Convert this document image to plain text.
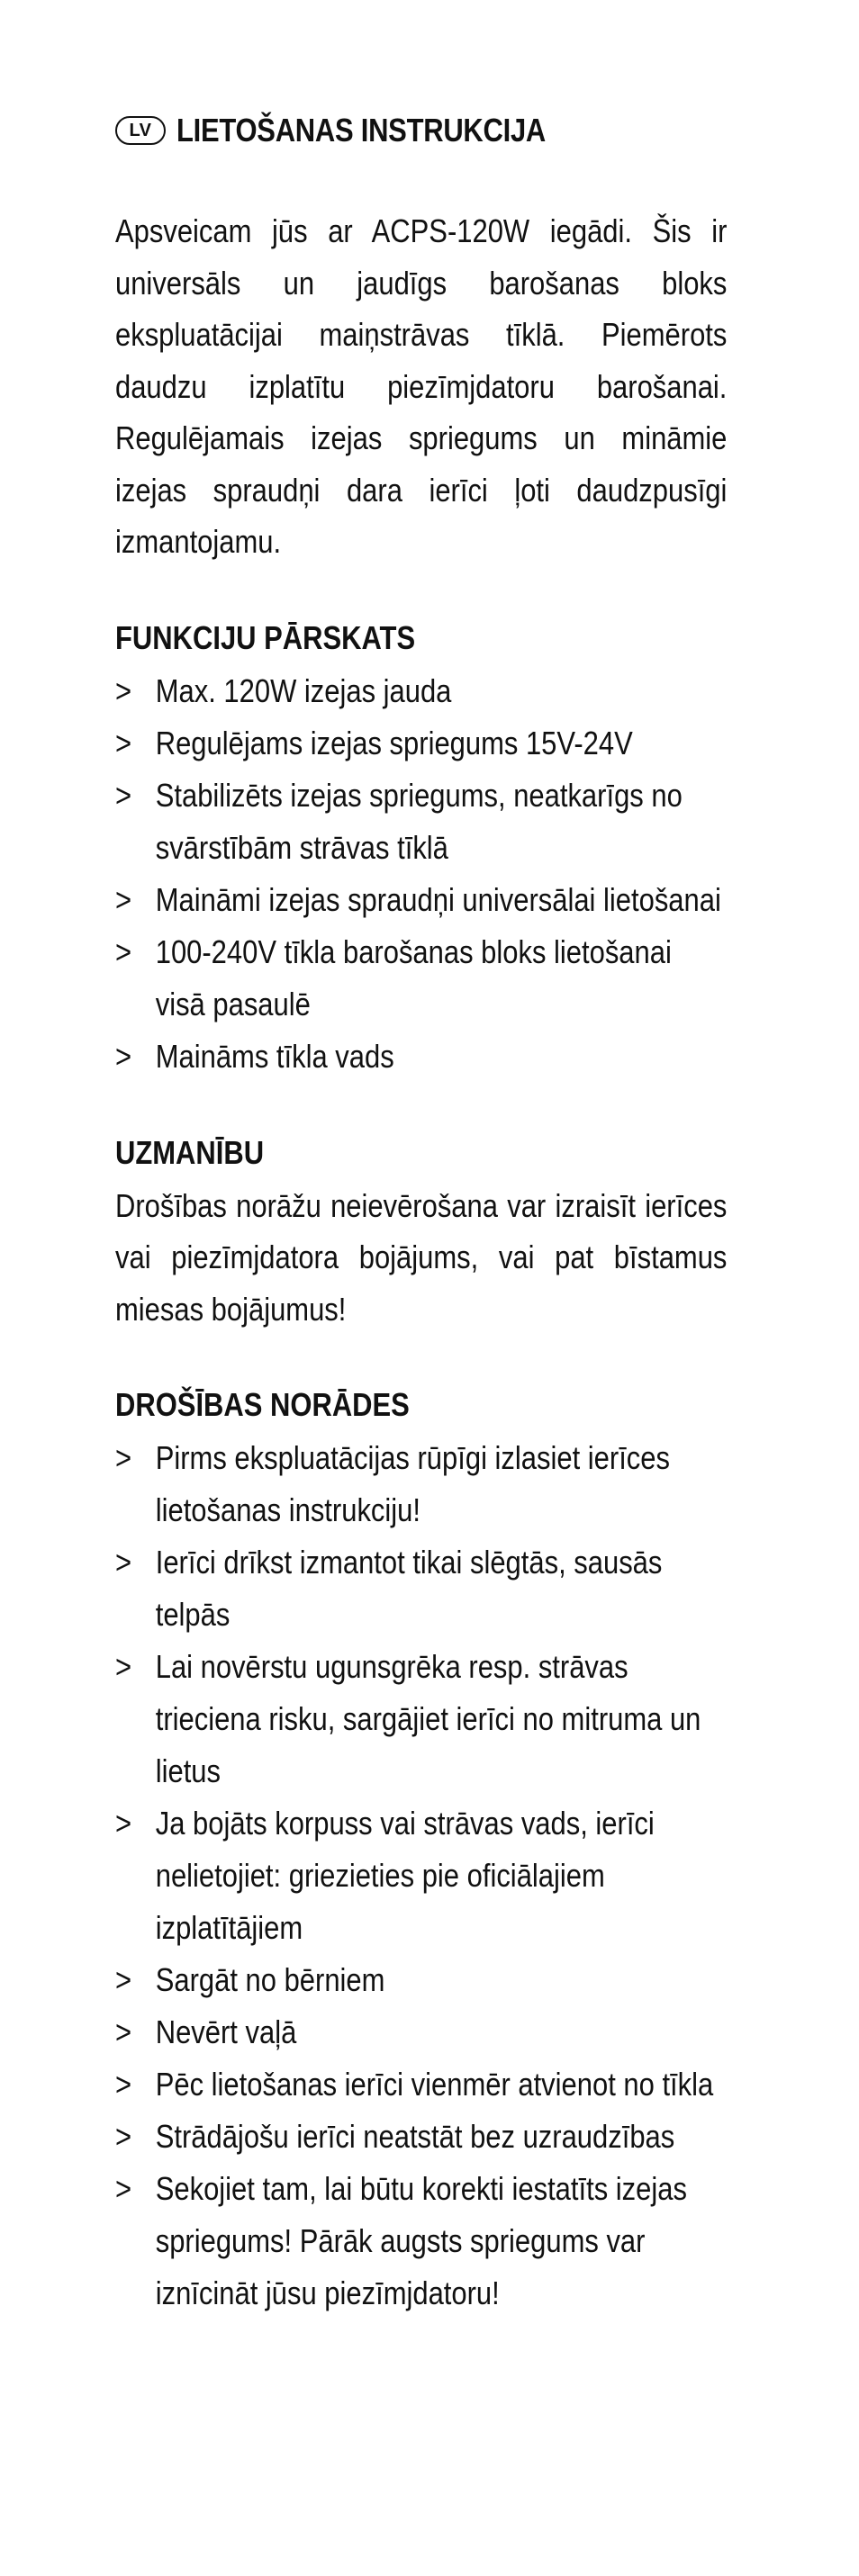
LV LIETOŠANAS INSTRUKCIJA

Apsveicam jūs ar ACPS-120W iegādi. Šis ir universāls un jaudīgs barošanas bloks ekspluatācijai maiņstrāvas tīklā. Piemērots daudzu izplatītu piezīmjdatoru barošanai. Regulējamais izejas spriegums un mināmie izejas spraudņi dara ierīci ļoti daudzpusīgi izmantojamu.

FUNKCIJU PĀRSKATS
> Max. 120W izejas jauda
> Regulējams izejas spriegums 15V-24V
> Stabilizēts izejas spriegums, neatkarīgs no svārstībām strāvas tīklā
> Maināmi izejas spraudņi universālai lietošanai
> 100-240V tīkla barošanas bloks lietošanai visā pasaulē
> Maināms tīkla vads
UZMANĪBU

Drošības norāžu neievērošana var izraisīt ierīces vai piezīmjdatora bojājums, vai pat bīstamus miesas bojājumus!

DROŠĪBAS NORĀDES
> Pirms ekspluatācijas rūpīgi izlasiet ierīces lietošanas instrukciju!
> Ierīci drīkst izmantot tikai slēgtās, sausās telpās
> Lai novērstu ugunsgrēka resp. strāvas trieciena risku, sargājiet ierīci no mitruma un lietus
> Ja bojāts korpuss vai strāvas vads, ierīci nelietojiet: griezieties pie oficiālajiem izplatītājiem
> Sargāt no bērniem
> Nevērt vaļā
> Pēc lietošanas ierīci vienmēr atvienot no tīkla
> Strādājošu ierīci neatstāt bez uzraudzības
> Sekojiet tam, lai būtu korekti iestatīts izejas spriegums! Pārāk augsts spriegums var iznīcināt jūsu piezīmjdatoru!
